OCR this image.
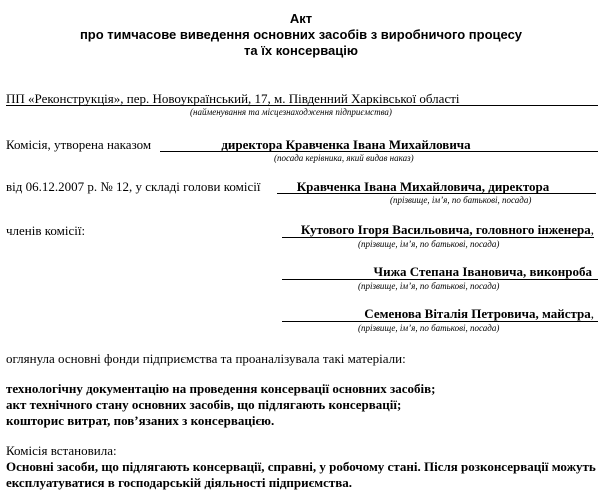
Акт
про тимчасове виведення основних засобів з виробничого процесу
та їх консервацію
ПП «Реконструкція», пер. Новоукраїнський, 17, м. Південний Харківської області
(найменування та місцезнаходження підприємства)
Комісія, утворена наказом	директора Кравченка Івана Михайловича
(посада керівника, який видав наказ)
від 06.12.2007 р. № 12, у складі голови комісії	Кравченка Івана Михайловича, директора
(прізвище, ім’я, по батькові, посада)
членів комісії:	Кутового Ігоря Васильовича, головного інженера,
(прізвище, ім’я, по батькові, посада)
Чижа Степана Івановича, виконроба
(прізвище, ім’я, по батькові, посада)
Семенова Віталія Петровича, майстра,
(прізвище, ім’я, по батькові, посада)
оглянула основні фонди підприємства та проаналізувала такі матеріали:
технологічну документацію на проведення консервації основних засобів;
акт технічного стану основних засобів, що підлягають консервації;
кошторис витрат, пов’язаних з консервацією.
Комісія встановила:
Основні засоби, що підлягають консервації, справні, у робочому стані. Після розконсервації можуть
експлуатуватися в господарській діяльності підприємства.
